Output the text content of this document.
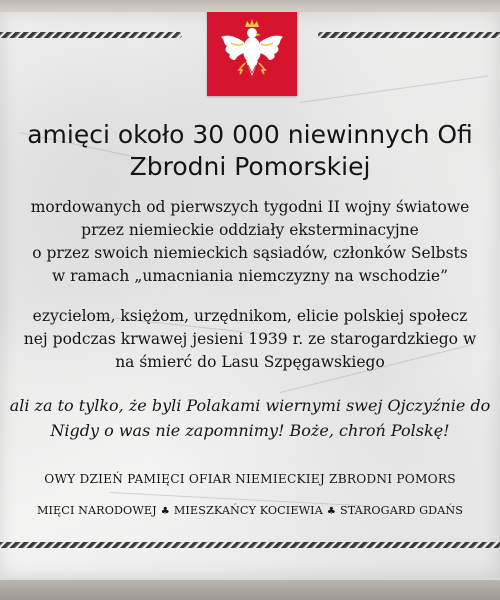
amięci około 30 000 niewinnych Ofi
Zbrodni Pomorskiej
mordowanych od pierwszych tygodni II wojny światowe
przez niemieckie oddziały eksterminacyjne
o przez swoich niemieckich sąsiadów, członków Selbsts
w ramach „umacniania niemczyzny na wschodzie”
ezycielom, księżom, urzędnikom, elicie polskiej społecz
nej podczas krwawej jesieni 1939 r. ze starogardzkiego w
na śmierć do Lasu Szpęgawskiego
ali za to tylko, że byli Polakami wiernymi swej Ojczyźnie do
Nigdy o was nie zapomnimy! Boże, chroń Polskę!
OWY DZIEŃ PAMIĘCI OFIAR NIEMIECKIEJ ZBRODNI POMORS
MIĘCI NARODOWEJ ♣ MIESZKAŃCY KOCIEWIA ♣ STAROGARD GDAŃS
